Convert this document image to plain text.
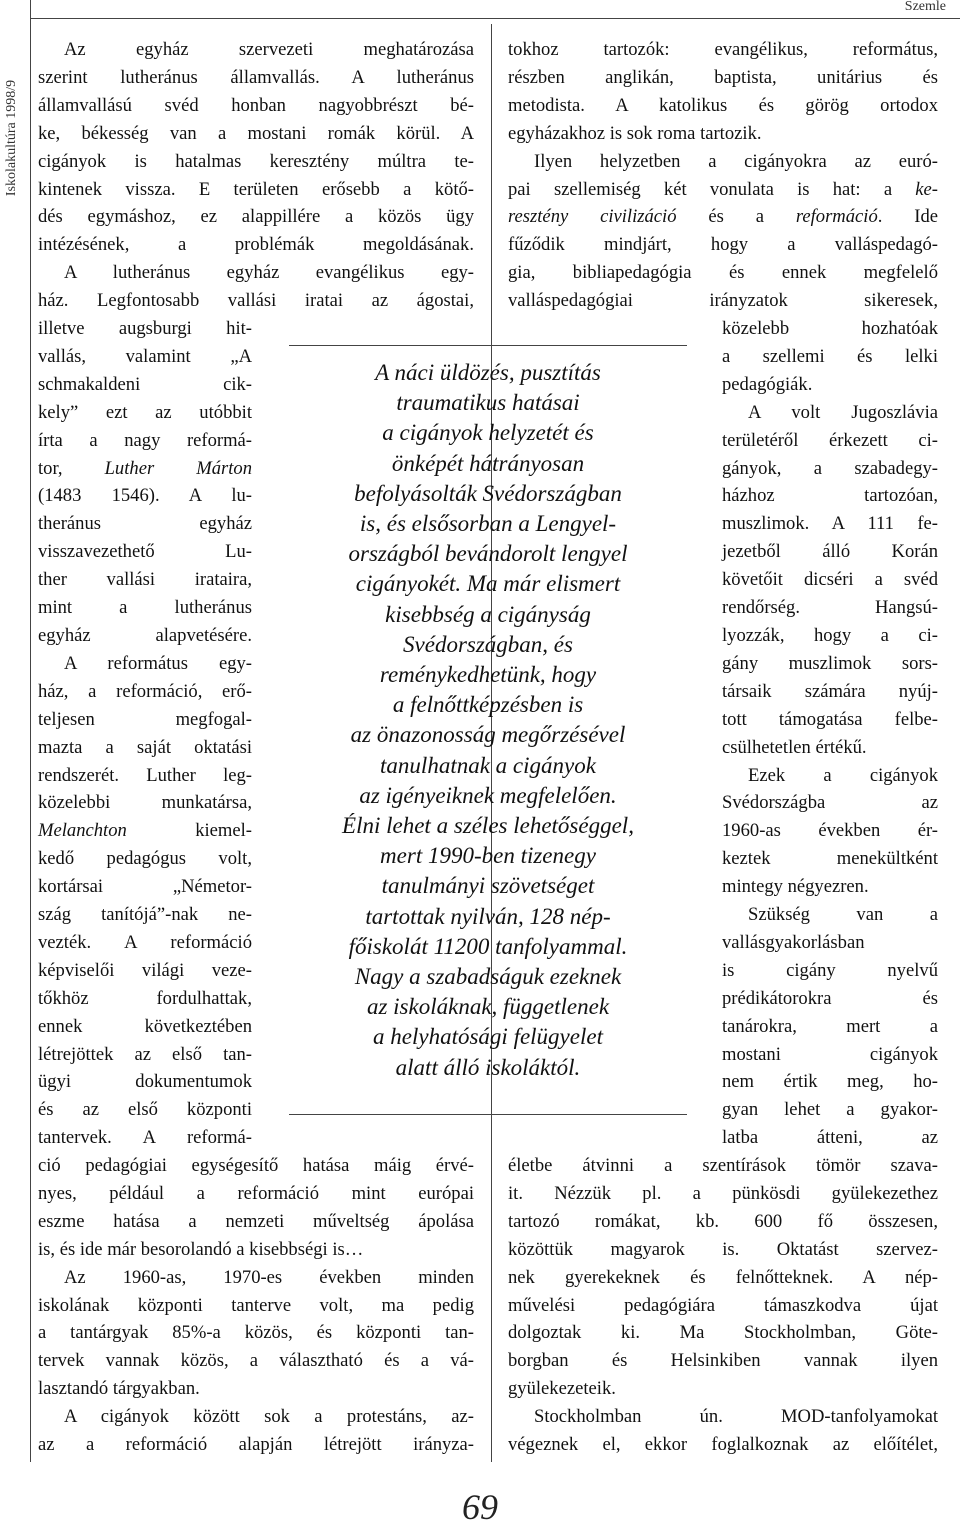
Iskolakultúra 1998/9
Szemle
Az egyház szervezeti meghatározása
szerint lutheránus államvallás. A lutheránus
államvallású svéd honban nagyobbrészt bé-
ke, békesség van a mostani romák körül. A
cigányok is hatalmas keresztény múltra te-
kintenek vissza. E területen erősebb a kötő-
dés egymáshoz, ez alappillére a közös ügy
intézésének, a problémák megoldásának.
A lutheránus egyház evangélikus egy-
ház. Legfontosabb vallási iratai az ágostai,
illetve augsburgi hit-
vallás, valamint „A
schmakaldeni cik-
kely” ezt az utóbbit
írta a nagy reformá-
tor, Luther Márton
(1483 1546). A lu-
theránus egyház
visszavezethető Lu-
ther vallási irataira,
mint a lutheránus
egyház alapvetésére.
A református egy-
ház, a reformáció, erő-
teljesen megfogal-
mazta a saját oktatási
rendszerét. Luther leg-
közelebbi munkatársa,
Melanchton kiemel-
kedő pedagógus volt,
kortársai „Németor-
szág tanítójá”-nak ne-
vezték. A reformáció
képviselői világi veze-
tőkhöz fordulhattak,
ennek következtében
létrejöttek az első tan-
ügyi dokumentumok
és az első központi
tantervek. A reformá-
ció pedagógiai egységesítő hatása máig érvé-
nyes, például a reformáció mint európai
eszme hatása a nemzeti műveltség ápolása
is, és ide már besorolandó a kisebbségi is…
Az 1960-as, 1970-es években minden
iskolának központi tanterve volt, ma pedig
a tantárgyak 85%-a közös, és központi tan-
tervek vannak közös, a választható és a vá-
lasztandó tárgyakban.
A cigányok között sok a protestáns, az-
az a reformáció alapján létrejött irányza-
tokhoz tartozók: evangélikus, református,
részben anglikán, baptista, unitárius és
metodista. A katolikus és görög ortodox
egyházakhoz is sok roma tartozik.
Ilyen helyzetben a cigányokra az euró-
pai szellemiség két vonulata is hat: a ke-
resztény civilizáció és a reformáció. Ide
fűződik mindjárt, hogy a valláspedagó-
gia, bibliapedagógia és ennek megfelelő
valláspedagógiai irányzatok sikeresek,
közelebb hozhatóak
a szellemi és lelki
pedagógiák.
A volt Jugoszlávia
területéről érkezett ci-
gányok, a szabadegy-
házhoz tartozóan,
muszlimok. A 111 fe-
jezetből álló Korán
követőit dicséri a svéd
rendőrség. Hangsú-
lyozzák, hogy a ci-
gány muszlimok sors-
társaik számára nyúj-
tott támogatása felbe-
csülhetetlen értékű.
Ezek a cigányok
Svédországba az
1960-as években ér-
keztek menekültként
mintegy négyezren.
Szükség van a
vallásgyakorlásban
is cigány nyelvű
prédikátorokra és
tanárokra, mert a
mostani cigányok
nem értik meg, ho-
gyan lehet a gyakor-
latba átteni, az
életbe átvinni a szentírások tömör szava-
it. Nézzük pl. a pünkösdi gyülekezethez
tartozó romákat, kb. 600 fő összesen,
közöttük magyarok is. Oktatást szervez-
nek gyerekeknek és felnőtteknek. A nép-
művelési pedagógiára támaszkodva újat
dolgoztak ki. Ma Stockholmban, Göte-
borgban és Helsinkiben vannak ilyen
gyülekezeteik.
Stockholmban ún. MOD-tanfolyamokat
végeznek el, ekkor foglalkoznak az előítélet,
A náci üldözés, pusztítás
traumatikus hatásai
a cigányok helyzetét és
önképét hátrányosan
befolyásolták Svédországban
is, és elsősorban a Lengyel-
országból bevándorolt lengyel
cigányokét. Ma már elismert
kisebbség a cigányság
Svédországban, és
reménykedhetünk, hogy
a felnőttképzésben is
az önazonosság megőrzésével
tanulhatnak a cigányok
az igényeiknek megfelelően.
Élni lehet a széles lehetőséggel,
mert 1990-ben tizenegy
tanulmányi szövetséget
tartottak nyilván, 128 nép-
főiskolát 11200 tanfolyammal.
Nagy a szabadságuk ezeknek
az iskoláknak, függetlenek
a helyhatósági felügyelet
alatt álló iskoláktól.
69
